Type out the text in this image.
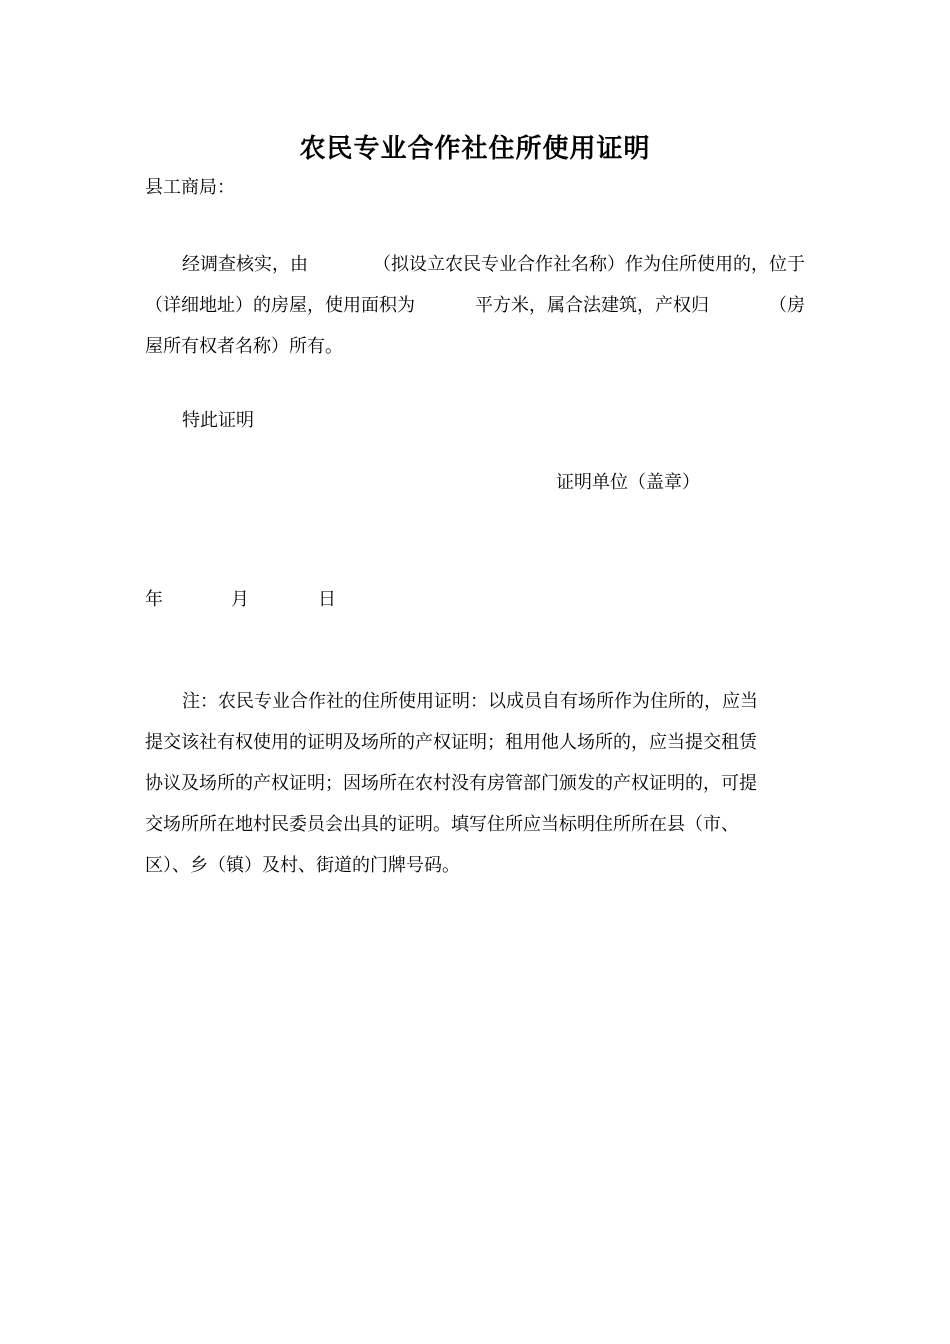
农民专业合作社住所使用证明
县工商局：
经调查核实，由	（拟设立农民专业合作社名称）作为住所使用的，位于
（详细地址）的房屋，使用面积为	平方米，属合法建筑，产权归	（房
屋所有权者名称）所有。
特此证明
证明单位（盖章）
年	月	日
注：农民专业合作社的住所使用证明：以成员自有场所作为住所的，应当
提交该社有权使用的证明及场所的产权证明；租用他人场所的，应当提交租赁
协议及场所的产权证明；因场所在农村没有房管部门颁发的产权证明的，可提
交场所所在地村民委员会出具的证明。填写住所应当标明住所所在县（市、
区）、乡（镇）及村、街道的门牌号码。
